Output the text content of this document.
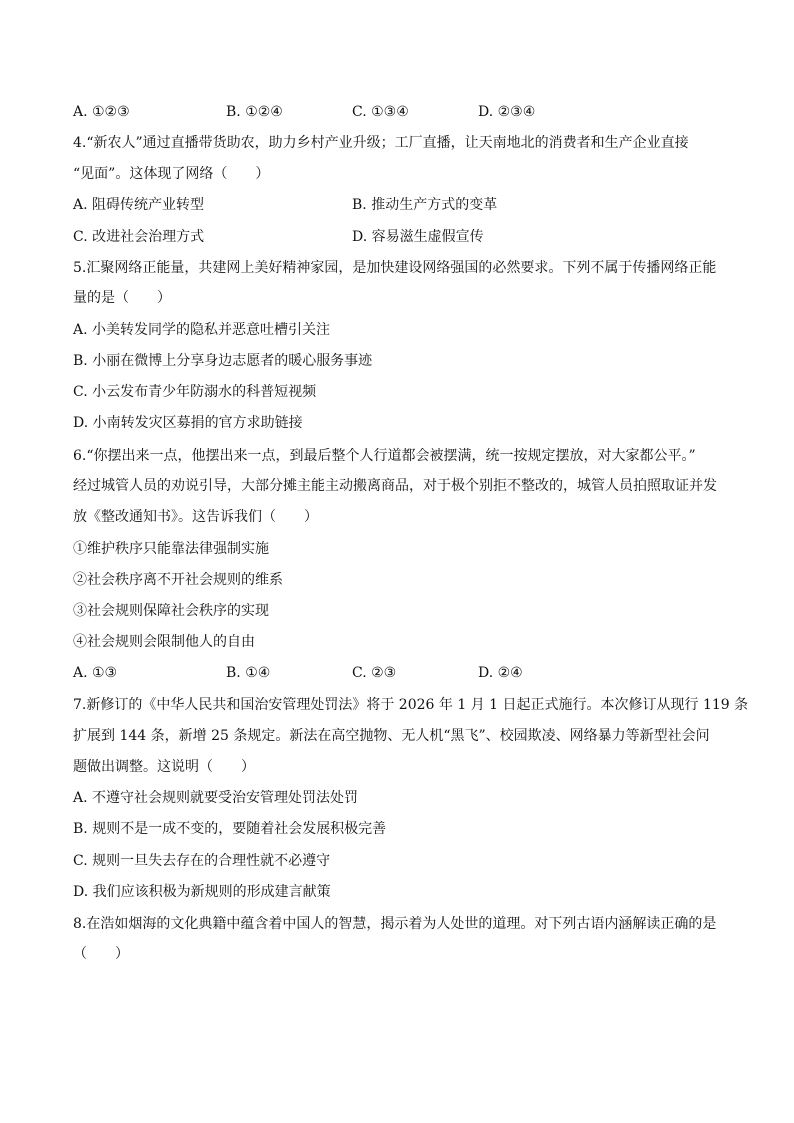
A. ①②③	B. ①②④	C. ①③④	D. ②③④
4.“新农人”通过直播带货助农，助力乡村产业升级；工厂直播，让天南地北的消费者和生产企业直接
“见面”。这体现了网络（　　）
A. 阻碍传统产业转型	B. 推动生产方式的变革
C. 改进社会治理方式	D. 容易滋生虚假宣传
5.汇聚网络正能量，共建网上美好精神家园，是加快建设网络强国的必然要求。下列不属于传播网络正能
量的是（　　）
A. 小美转发同学的隐私并恶意吐槽引关注
B. 小丽在微博上分享身边志愿者的暖心服务事迹
C. 小云发布青少年防溺水的科普短视频
D. 小南转发灾区募捐的官方求助链接
6.“你摆出来一点，他摆出来一点，到最后整个人行道都会被摆满，统一按规定摆放，对大家都公平。”
经过城管人员的劝说引导，大部分摊主能主动搬离商品，对于极个别拒不整改的，城管人员拍照取证并发
放《整改通知书》。这告诉我们（　　）
①维护秩序只能靠法律强制实施
②社会秩序离不开社会规则的维系
③社会规则保障社会秩序的实现
④社会规则会限制他人的自由
A. ①③	B. ①④	C. ②③	D. ②④
7.新修订的《中华人民共和国治安管理处罚法》将于 2026 年 1 月 1 日起正式施行。本次修订从现行 119 条
扩展到 144 条，新增 25 条规定。新法在高空抛物、无人机“黑飞”、校园欺凌、网络暴力等新型社会问
题做出调整。这说明（　　）
A. 不遵守社会规则就要受治安管理处罚法处罚
B. 规则不是一成不变的，要随着社会发展积极完善
C. 规则一旦失去存在的合理性就不必遵守
D. 我们应该积极为新规则的形成建言献策
8.在浩如烟海的文化典籍中蕴含着中国人的智慧，揭示着为人处世的道理。对下列古语内涵解读正确的是
（　　）
